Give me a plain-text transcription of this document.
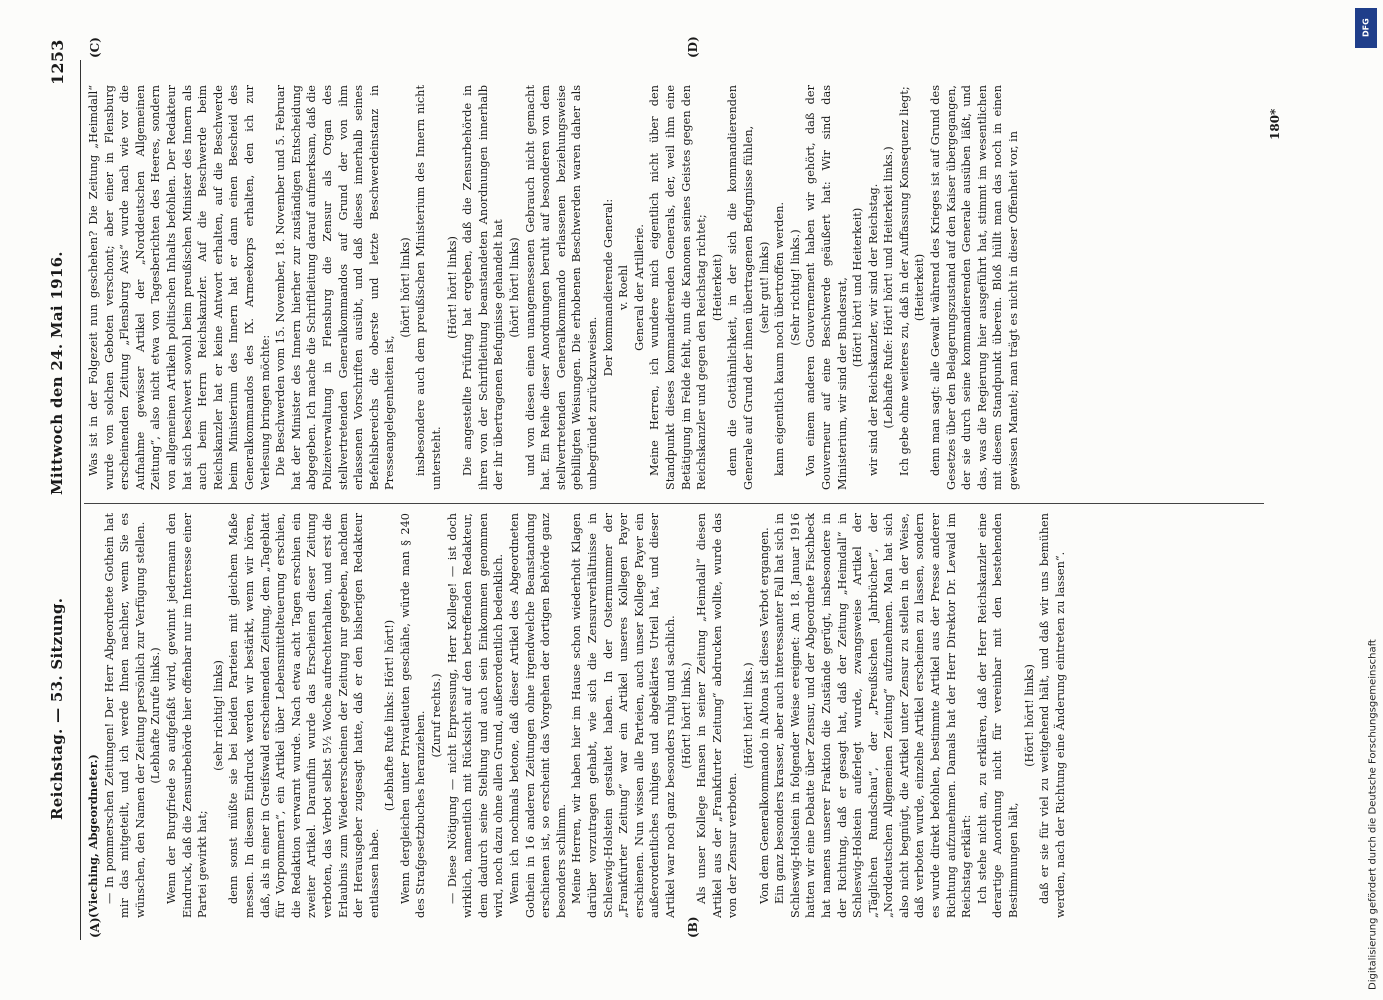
Reichstag. — 53. Sitzung.
Mittwoch den 24. Mai 1916.
1253
(A)	(B)
(C)	(D)

(Vieching, Abgeordneter.) — In pommerschen Zeitungen! Der Herr Abgeordnete Gothein hat mir das mitgeteilt, und ich werde Ihnen nachher, wenn Sie es wünschen, den Namen der Zeitung persönlich zur Verfügung stellen. (Lebhafte Zurufe links.) Wenn der Burgfriede so aufgefaßt wird, gewinnt jedermann den Eindruck, daß die Zensurbehörde hier offenbar nur im Interesse einer Partei gewirkt hat;

(sehr richtig! links) denn sonst müßte sie bei beiden Parteien mit gleichem Maße messen. In diesem Eindruck werden wir bestärkt, wenn wir hören, daß, als in einer in Greifswald erscheinenden Zeitung, dem „Tageblatt für Vorpommern“, ein Artikel über Lebensmittelteuerung erschien, die Redaktion verwarnt wurde. Nach etwa acht Tagen erschien ein zweiter Artikel. Daraufhin wurde das Erscheinen dieser Zeitung verboten, das Verbot selbst 5½ Woche aufrechterhalten, und erst die Erlaubnis zum Wiedererscheinen der Zeitung nur gegeben, nachdem der Herausgeber zugesagt hatte, daß er den bisherigen Redakteur entlassen habe.

(Lebhafte Rufe links: Hört! hört!) Wenn dergleichen unter Privatleuten geschähe, würde man § 240 des Strafgesetzbuches heranziehen. (Zuruf rechts.) — Diese Nötigung — nicht Erpressung, Herr Kollege! — ist doch wirklich, namentlich mit Rücksicht auf den betreffenden Redakteur, dem dadurch seine Stellung und auch sein Einkommen genommen wird, noch dazu ohne allen Grund, außerordentlich bedenklich. Wenn ich nochmals betone, daß dieser Artikel des Abgeordneten Gothein in 16 anderen Zeitungen ohne irgendwelche Beanstandung erschienen ist, so erscheint das Vorgehen der dortigen Behörde ganz besonders schlimm. Meine Herren, wir haben hier im Hause schon wiederholt Klagen darüber vorzutragen gehabt, wie sich die Zensurverhältnisse in Schleswig-Holstein gestaltet haben. In der Ostermummer der „Frankfurter Zeitung“ war ein Artikel unseres Kollegen Payer erschienen. Nun wissen alle Parteien, auch unser Kollege Payer ein außerordentliches ruhiges und abgeklärtes Urteil hat, und dieser Artikel war noch ganz besonders ruhig und sachlich. (Hört! hört! links.) Als unser Kollege Hansen in seiner Zeitung „Heimdall“ diesen Artikel aus der „Frankfurter Zeitung“ abdrucken wollte, wurde das von der Zensur verboten.

(Hört! hört! links.) Von dem Generalkommando in Altona ist dieses Verbot ergangen. Ein ganz besonders krasser, aber auch interessanter Fall hat sich in Schleswig-Holstein in folgender Weise ereignet: Am 18. Januar 1916 hatten wir eine Debatte über Zensur, und der Abgeordnete Fischbeck hat namens unserer Fraktion die Zustände gerügt, insbesondere in der Richtung, daß er gesagt hat, daß der Zeitung „Heimdall“ in Schleswig-Holstein auferlegt wurde, zwangsweise Artikel der „Täglichen Rundschau“, der „Preußischen Jahrbücher“, der „Norddeutschen Allgemeinen Zeitung“ aufzunehmen. Man hat sich also nicht begnügt, die Artikel unter Zensur zu stellen in der Weise, daß verboten wurde, einzelne Artikel erscheinen zu lassen, sondern es wurde direkt befohlen, bestimmte Artikel aus der Presse anderer Richtung aufzunehmen. Damals hat der Herr Direktor Dr. Lewald im Reichstag erklärt: Ich stehe nicht an, zu erklären, daß der Herr Reichskanzler eine derartige Anordnung nicht für vereinbar mit den bestehenden Bestimmungen hält,

(Hört! hört! links) daß er sie für viel zu weitgehend hält, und daß wir uns bemühen werden, nach der Richtung eine Änderung eintreten zu lassen“.

Was ist in der Folgezeit nun geschehen? Die Zeitung „Heimdall“ wurde von solchen Geboten verschont; aber einer in Flensburg erscheinenden Zeitung „Flensburg Avis“ wurde nach wie vor die Aufnahme gewisser Artikel der „Norddeutschen Allgemeinen Zeitung“, also nicht etwa von Tagesberichten des Heeres, sondern von allgemeinen Artikeln politischen Inhalts befohlen. Der Redakteur hat sich beschwert sowohl beim preußischen Minister des Innern als auch beim Herrn Reichskanzler. Auf die Beschwerde beim Reichskanzler hat er keine Antwort erhalten, auf die Beschwerde beim Ministerium des Innern hat er dann einen Bescheid des Generalkommandos des IX. Armeekorps erhalten, den ich zur Verlesung bringen möchte: Die Beschwerden vom 15. November, 18. November und 5. Februar hat der Minister des Innern hierher zur zuständigen Entscheidung abgegeben. Ich mache die Schriftleitung darauf aufmerksam, daß die Polizeiverwaltung in Flensburg die Zensur als Organ des stellvertretenden Generalkommandos auf Grund der von ihm erlassenen Vorschriften ausübt, und daß dieses innerhalb seines Befehlsbereichs die oberste und letzte Beschwerdeinstanz in Presseangelegenheiten ist,

(hört! hört! links) insbesondere auch dem preußischen Ministerium des Innern nicht untersteht.

(Hört! hört! links) Die angestellte Prüfung hat ergeben, daß die Zensurbehörde in ihren von der Schriftleitung beanstandeten Anordnungen innerhalb der ihr übertragenen Befugnisse gehandelt hat (hört! hört! links) und von diesen einen unangemessenen Gebrauch nicht gemacht hat. Ein Reihe dieser Anordnungen beruht auf besonderen von dem stellvertretenden Generalkommando erlassenen beziehungsweise gebilligten Weisungen. Die erhobenen Beschwerden waren daher als unbegründet zurückzuweisen.

Der kommandierende General: v. Roehl General der Artillerie. Meine Herren, ich wundere mich eigentlich nicht über den Standpunkt dieses kommandierenden Generals, der, weil ihm eine Betätigung im Felde fehlt, nun die Kanonen seines Geistes gegen den Reichskanzler und gegen den Reichstag richtet; (Heiterkeit) denn die Gottähnlichkeit, in der sich die kommandierenden Generale auf Grund der ihnen übertragenen Befugnisse fühlen, (sehr gut! links) kann eigentlich kaum noch übertroffen werden. (Sehr richtig! links.) Von einem anderen Gouvernement haben wir gehört, daß der Gouverneur auf eine Beschwerde geäußert hat: Wir sind das Ministerium, wir sind der Bundesrat, (Hört! hört! und Heiterkeit) wir sind der Reichskanzler, wir sind der Reichstag. (Lebhafte Rufe: Hört! hört! und Heiterkeit links.) Ich gebe ohne weiteres zu, daß in der Auffassung Konsequenz liegt; (Heiterkeit) denn man sagt: alle Gewalt während des Krieges ist auf Grund des Gesetzes über den Belagerungszustand auf den Kaiser übergegangen, der sie durch seine kommandierenden Generale ausüben läßt, und das, was die Regierung hier ausgeführt hat, stimmt im wesentlichen mit diesem Standpunkt überein. Bloß hüllt man das noch in einen gewissen Mantel; man trägt es nicht in dieser Offenheit vor, in

180*
DFG
Digitalisierung gefördert durch die Deutsche Forschungsgemeinschaft
